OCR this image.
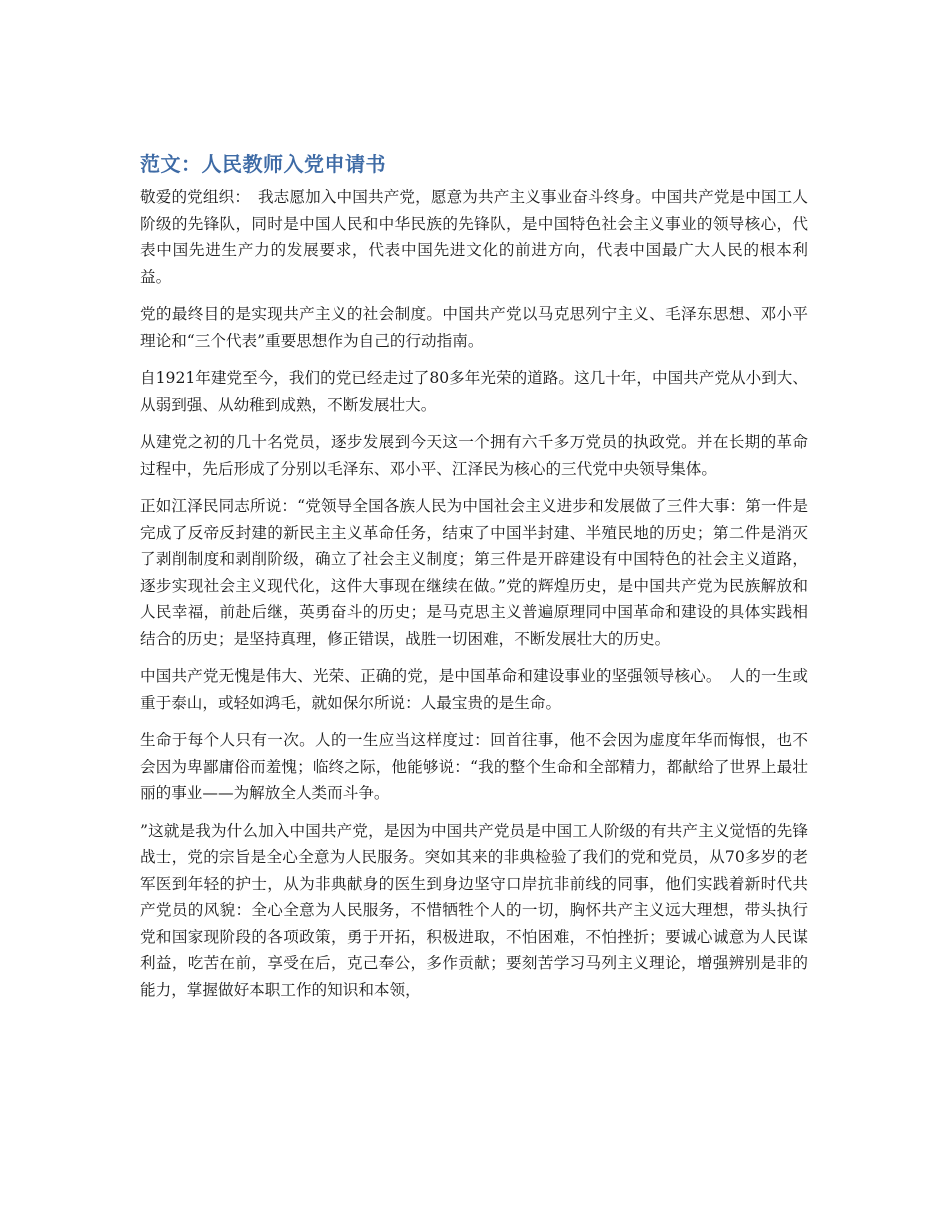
范文：人民教师入党申请书

敬爱的党组织：　我志愿加入中国共产党，愿意为共产主义事业奋斗终身。中国共产党是中国工人阶级的先锋队，同时是中国人民和中华民族的先锋队，是中国特色社会主义事业的领导核心，代表中国先进生产力的发展要求，代表中国先进文化的前进方向，代表中国最广大人民的根本利益。

党的最终目的是实现共产主义的社会制度。中国共产党以马克思列宁主义、毛泽东思想、邓小平理论和“三个代表”重要思想作为自己的行动指南。

自1921年建党至今，我们的党已经走过了80多年光荣的道路。这几十年，中国共产党从小到大、从弱到强、从幼稚到成熟，不断发展壮大。

从建党之初的几十名党员，逐步发展到今天这一个拥有六千多万党员的执政党。并在长期的革命过程中，先后形成了分别以毛泽东、邓小平、江泽民为核心的三代党中央领导集体。

正如江泽民同志所说：“党领导全国各族人民为中国社会主义进步和发展做了三件大事：第一件是完成了反帝反封建的新民主主义革命任务，结束了中国半封建、半殖民地的历史；第二件是消灭了剥削制度和剥削阶级，确立了社会主义制度；第三件是开辟建设有中国特色的社会主义道路，逐步实现社会主义现代化，这件大事现在继续在做。”党的辉煌历史，是中国共产党为民族解放和人民幸福，前赴后继，英勇奋斗的历史；是马克思主义普遍原理同中国革命和建设的具体实践相结合的历史；是坚持真理，修正错误，战胜一切困难，不断发展壮大的历史。

中国共产党无愧是伟大、光荣、正确的党，是中国革命和建设事业的坚强领导核心。　人的一生或重于泰山，或轻如鸿毛，就如保尔所说：人最宝贵的是生命。

生命于每个人只有一次。人的一生应当这样度过：回首往事，他不会因为虚度年华而悔恨，也不会因为卑鄙庸俗而羞愧；临终之际，他能够说：“我的整个生命和全部精力，都献给了世界上最壮丽的事业——为解放全人类而斗争。

”这就是我为什么加入中国共产党，是因为中国共产党员是中国工人阶级的有共产主义觉悟的先锋战士，党的宗旨是全心全意为人民服务。突如其来的非典检验了我们的党和党员，从70多岁的老军医到年轻的护士，从为非典献身的医生到身边坚守口岸抗非前线的同事，他们实践着新时代共产党员的风貌：全心全意为人民服务，不惜牺牲个人的一切，胸怀共产主义远大理想，带头执行党和国家现阶段的各项政策，勇于开拓，积极进取，不怕困难，不怕挫折；要诚心诚意为人民谋利益，吃苦在前，享受在后，克己奉公，多作贡献；要刻苦学习马列主义理论，增强辨别是非的能力，掌握做好本职工作的知识和本领，
